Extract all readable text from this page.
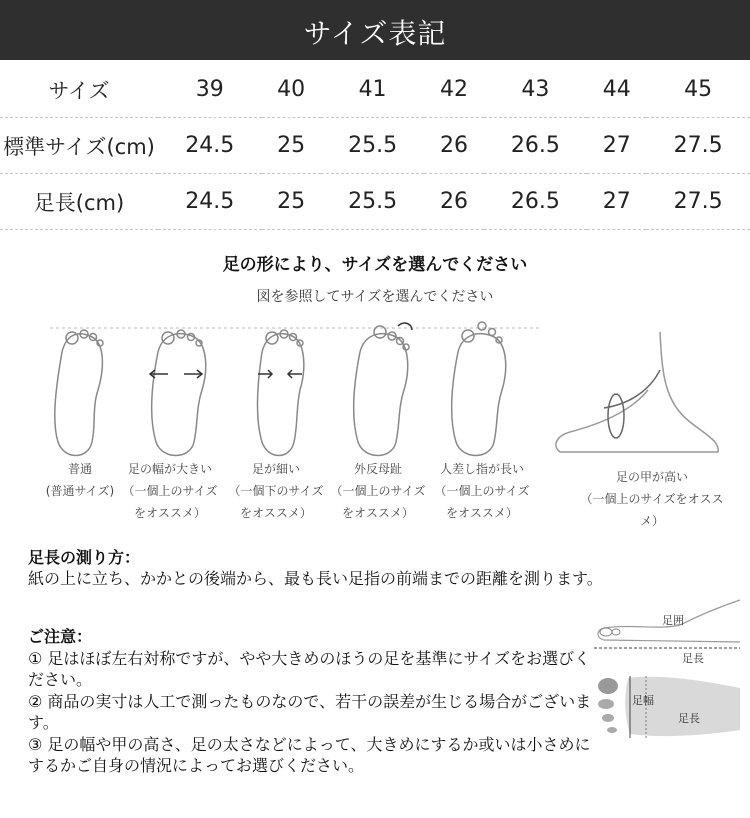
サイズ表記
サイズ	39	40	41	42	43	44	45
標準サイズ(cm)	24.5	25	25.5	26	26.5	27	27.5
足長(cm)	24.5	25	25.5	26	26.5	27	27.5
足の形により、サイズを選んでください
図を参照してサイズを選んでください
普通
(普通サイズ)
足の幅が大きい
（一個上のサイズをオススメ）
足が細い
（一個下のサイズをオススメ）
外反母趾
（一個上のサイズをオススメ）
人差し指が長い
（一個上のサイズをオススメ）
足の甲が高い
（一個上のサイズをオススメ）
足長の測り方：
紙の上に立ち、かかとの後端から、最も長い足指の前端までの距離を測ります。
ご注意：
① 足はほぼ左右対称ですが、やや大きめのほうの足を基準にサイズをお選びください。
② 商品の実寸は人工で測ったものなので、若干の誤差が生じる場合がございます。
③ 足の幅や甲の高さ、足の太さなどによって、大きめにするか或いは小さめにするかご自身の情況によってお選びください。
足囲
足長
足幅
足長
